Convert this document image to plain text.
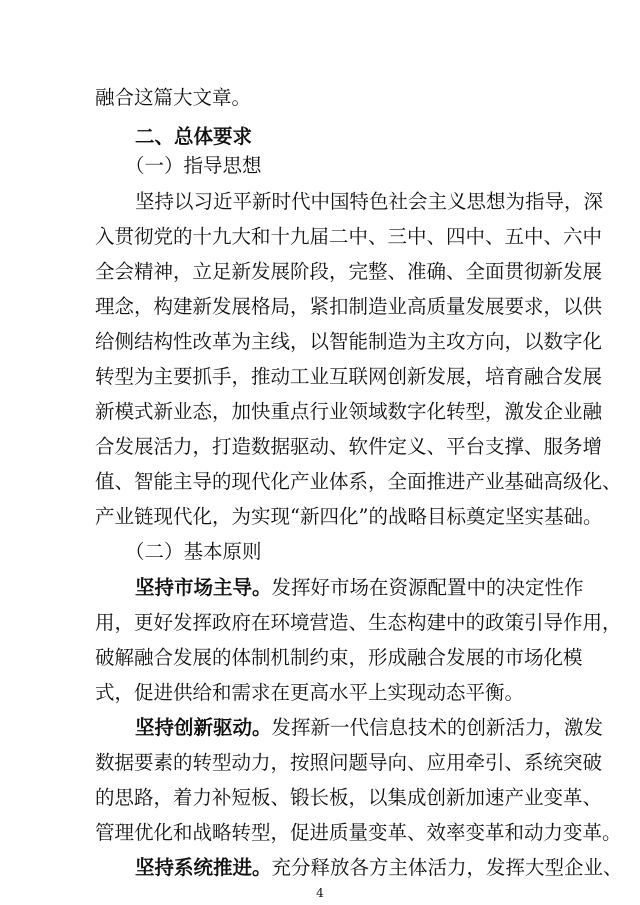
融合这篇大文章。
二、总体要求
（一）指导思想
坚持以习近平新时代中国特色社会主义思想为指导，深
入贯彻党的十九大和十九届二中、三中、四中、五中、六中
全会精神，立足新发展阶段，完整、准确、全面贯彻新发展
理念，构建新发展格局，紧扣制造业高质量发展要求，以供
给侧结构性改革为主线，以智能制造为主攻方向，以数字化
转型为主要抓手，推动工业互联网创新发展，培育融合发展
新模式新业态，加快重点行业领域数字化转型，激发企业融
合发展活力，打造数据驱动、软件定义、平台支撑、服务增
值、智能主导的现代化产业体系，全面推进产业基础高级化、
产业链现代化，为实现“新四化”的战略目标奠定坚实基础。
（二）基本原则
坚持市场主导。发挥好市场在资源配置中的决定性作
用，更好发挥政府在环境营造、生态构建中的政策引导作用，
破解融合发展的体制机制约束，形成融合发展的市场化模
式，促进供给和需求在更高水平上实现动态平衡。
坚持创新驱动。发挥新一代信息技术的创新活力，激发
数据要素的转型动力，按照问题导向、应用牵引、系统突破
的思路，着力补短板、锻长板，以集成创新加速产业变革、
管理优化和战略转型，促进质量变革、效率变革和动力变革。
坚持系统推进。充分释放各方主体活力，发挥大型企业、
4
